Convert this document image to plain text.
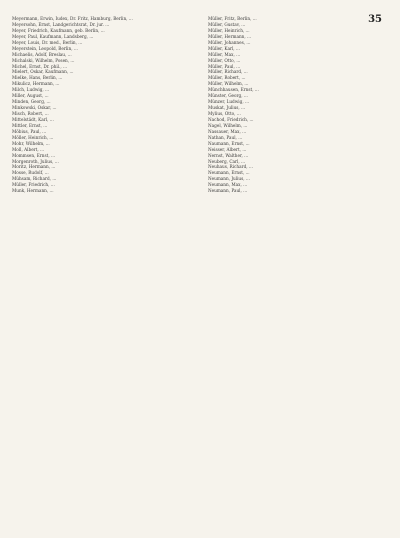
35

Meyermann, Erwin, Iudex, Dr. Fritz, Hamburg, Berlin, ...

Meyersohn, Ernst, Landgerichtsrat, Dr. jur. ...

Meyer, Friedrich, Kaufmann, geb. Berlin, ...

Meyer, Paul, Kaufmann, Landsberg, ...

Meyer, Louis, Dr. med., Berlin, ...

Meyerstein, Leopold, Berlin, ...

Michaelis, Adolf, Breslau, ...

Michalski, Wilhelm, Posen, ...

Michel, Ernst, Dr. phil., ...

Mielert, Oskar, Kaufmann, ...

Mielke, Hans, Berlin, ...

Mikulicz, Hermann, ...

Milch, Ludwig, ...

Miller, August, ...

Minden, Georg, ...

Minkowski, Oskar, ...

Misch, Robert, ...

Mittelstädt, Karl, ...

Mittler, Ernst, ...

Möbius, Paul, ...

Möller, Heinrich, ...

Mohr, Wilhelm, ...

Moll, Albert, ...

Mommsen, Ernst, ...

Morgenroth, Julius, ...

Moritz, Hermann, ...

Mosse, Rudolf, ...

Mühsam, Richard, ...

Müller, Friedrich, ...

Munk, Hermann, ...

Müller, Fritz, Berlin, ...

Müller, Gustav, ...

Müller, Heinrich, ...

Müller, Hermann, ...

Müller, Johannes, ...

Müller, Karl, ...

Müller, Max, ...

Müller, Otto, ...

Müller, Paul, ...

Müller, Richard, ...

Müller, Robert, ...

Müller, Wilhelm, ...

Münchhausen, Ernst, ...

Münster, Georg, ...

Münzer, Ludwig, ...

Muskat, Julius, ...

Mylius, Otto, ...

Nachod, Friedrich, ...

Nagel, Wilhelm, ...

Nassauer, Max, ...

Nathan, Paul, ...

Naumann, Ernst, ...

Neisser, Albert, ...

Nernst, Walther, ...

Neuberg, Carl, ...

Neuhaus, Richard, ...

Neumann, Ernst, ...

Neumann, Julius, ...

Neumann, Max, ...

Neumann, Paul, ...
